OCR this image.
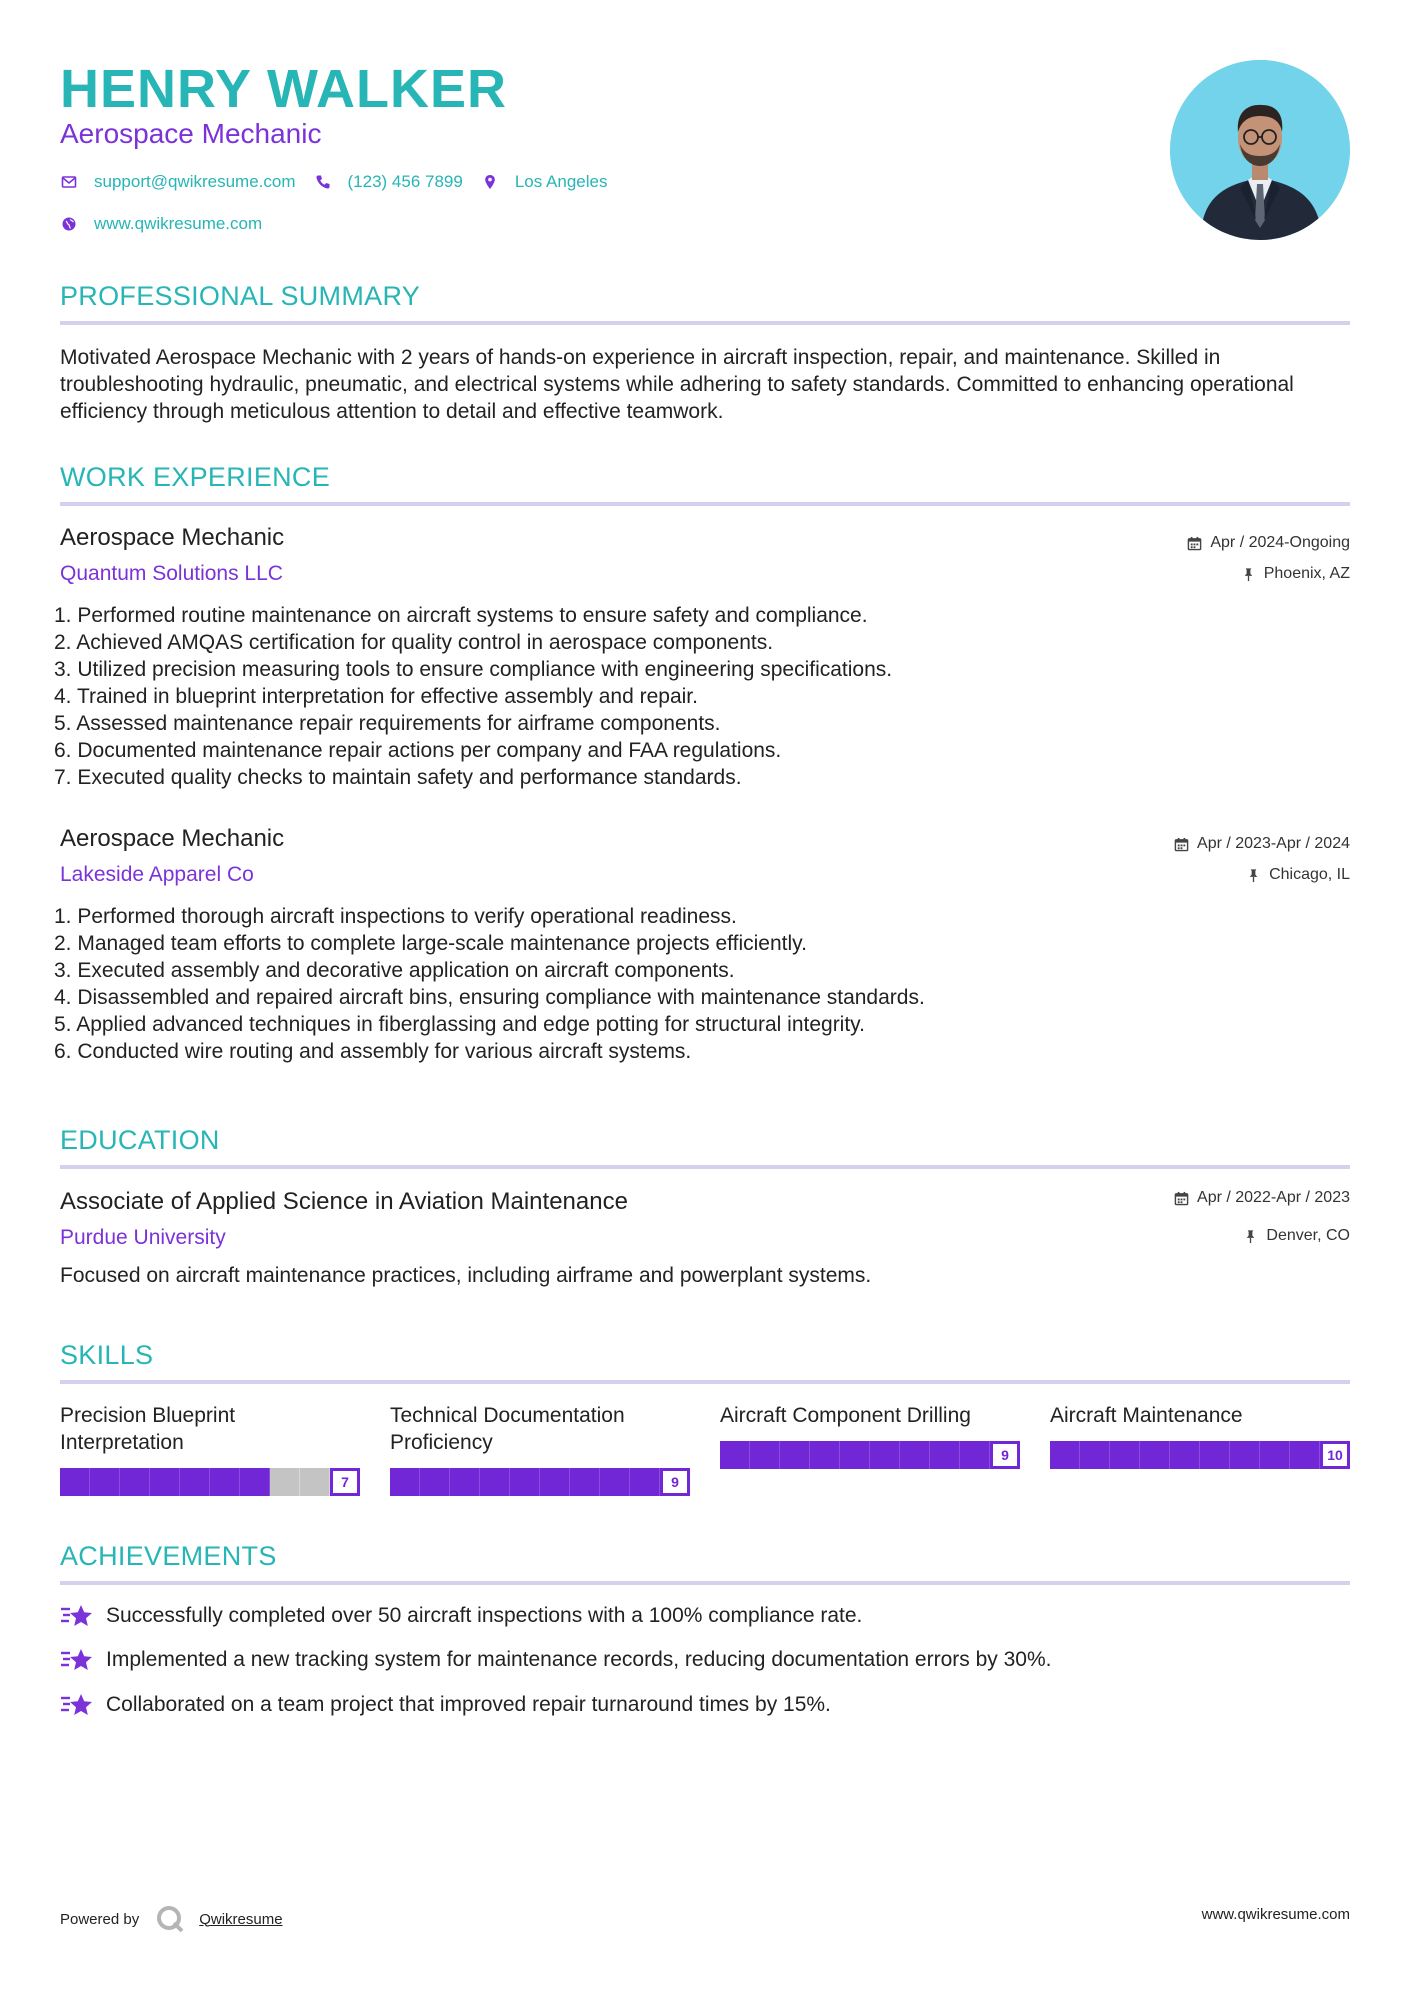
HENRY WALKER
Aerospace Mechanic
support@qwikresume.com	(123) 456 7899	Los Angeles
www.qwikresume.com
PROFESSIONAL SUMMARY

Motivated Aerospace Mechanic with 2 years of hands-on experience in aircraft inspection, repair, and maintenance. Skilled in troubleshooting hydraulic, pneumatic, and electrical systems while adhering to safety standards. Committed to enhancing operational efficiency through meticulous attention to detail and effective teamwork.

WORK EXPERIENCE
Aerospace Mechanic
Quantum Solutions LLC
Apr / 2024-Ongoing
Phoenix, AZ
1. Performed routine maintenance on aircraft systems to ensure safety and compliance.
2. Achieved AMQAS certification for quality control in aerospace components.
3. Utilized precision measuring tools to ensure compliance with engineering specifications.
4. Trained in blueprint interpretation for effective assembly and repair.
5. Assessed maintenance repair requirements for airframe components.
6. Documented maintenance repair actions per company and FAA regulations.
7. Executed quality checks to maintain safety and performance standards.
Aerospace Mechanic
Lakeside Apparel Co
Apr / 2023-Apr / 2024
Chicago, IL
1. Performed thorough aircraft inspections to verify operational readiness.
2. Managed team efforts to complete large-scale maintenance projects efficiently.
3. Executed assembly and decorative application on aircraft components.
4. Disassembled and repaired aircraft bins, ensuring compliance with maintenance standards.
5. Applied advanced techniques in fiberglassing and edge potting for structural integrity.
6. Conducted wire routing and assembly for various aircraft systems.
EDUCATION
Associate of Applied Science in Aviation Maintenance
Purdue University
Apr / 2022-Apr / 2023
Denver, CO

Focused on aircraft maintenance practices, including airframe and powerplant systems.

SKILLS
Precision Blueprint Interpretation
7
Technical Documentation Proficiency
9
Aircraft Component Drilling
9
Aircraft Maintenance
10
ACHIEVEMENTS
Successfully completed over 50 aircraft inspections with a 100% compliance rate.
Implemented a new tracking system for maintenance records, reducing documentation errors by 30%.
Collaborated on a team project that improved repair turnaround times by 15%.
Powered by	Qwikresume	www.qwikresume.com
